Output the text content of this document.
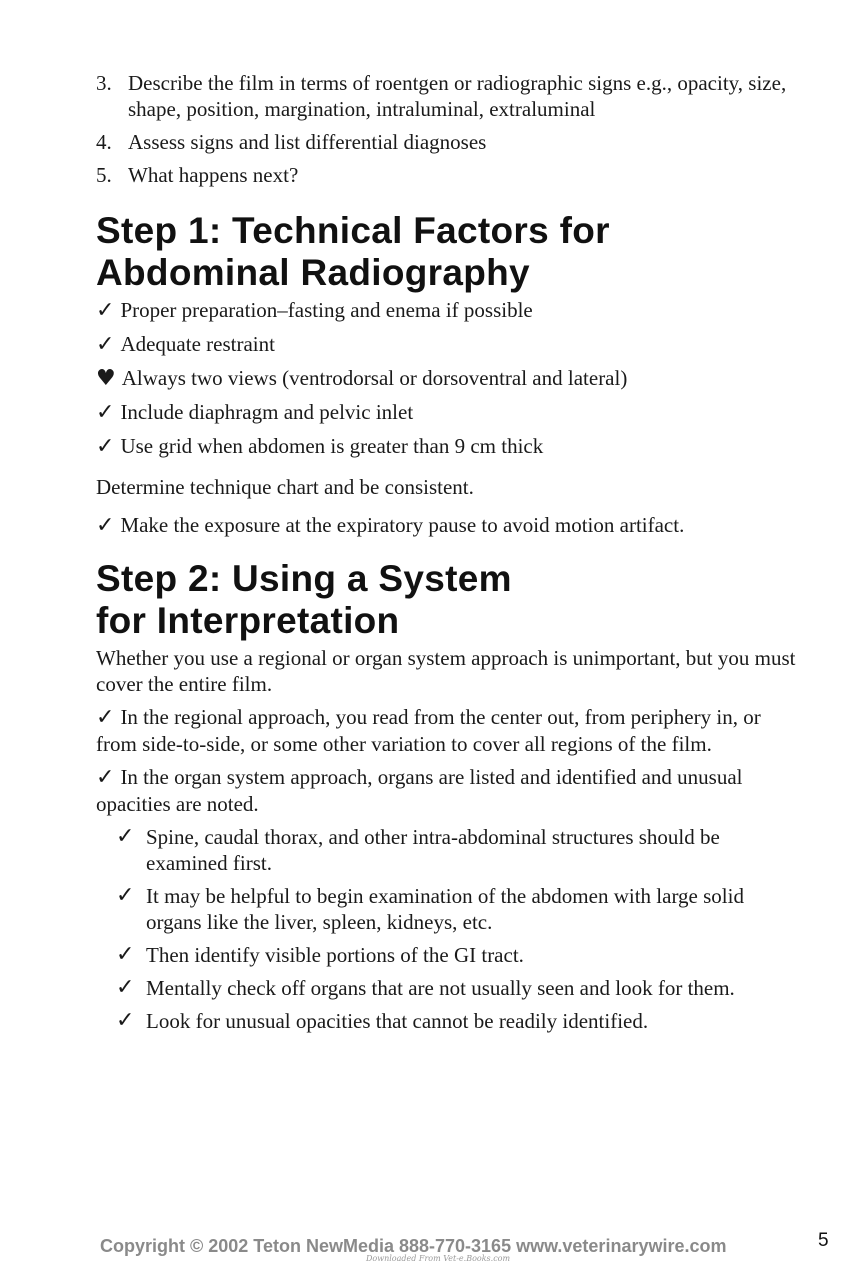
3. Describe the film in terms of roentgen or radiographic signs e.g., opacity, size, shape, position, margination, intraluminal, extraluminal
4. Assess signs and list differential diagnoses
5. What happens next?
Step 1: Technical Factors for
Abdominal Radiography
✓ Proper preparation–fasting and enema if possible
✓ Adequate restraint
♥ Always two views (ventrodorsal or dorsoventral and lateral)
✓ Include diaphragm and pelvic inlet
✓ Use grid when abdomen is greater than 9 cm thick
Determine technique chart and be consistent.
✓ Make the exposure at the expiratory pause to avoid motion artifact.
Step 2: Using a System
for Interpretation
Whether you use a regional or organ system approach is unimportant, but you must cover the entire film.
✓ In the regional approach, you read from the center out, from periphery in, or from side-to-side, or some other variation to cover all regions of the film.
✓ In the organ system approach, organs are listed and identified and unusual opacities are noted.
✓ Spine, caudal thorax, and other intra-abdominal structures should be examined first.
✓ It may be helpful to begin examination of the abdomen with large solid organs like the liver, spleen, kidneys, etc.
✓ Then identify visible portions of the GI tract.
✓ Mentally check off organs that are not usually seen and look for them.
✓ Look for unusual opacities that cannot be readily identified.
Copyright © 2002 Teton NewMedia 888-770-3165 www.veterinarywire.com
Downloaded From Vet-e.Books.com
5
